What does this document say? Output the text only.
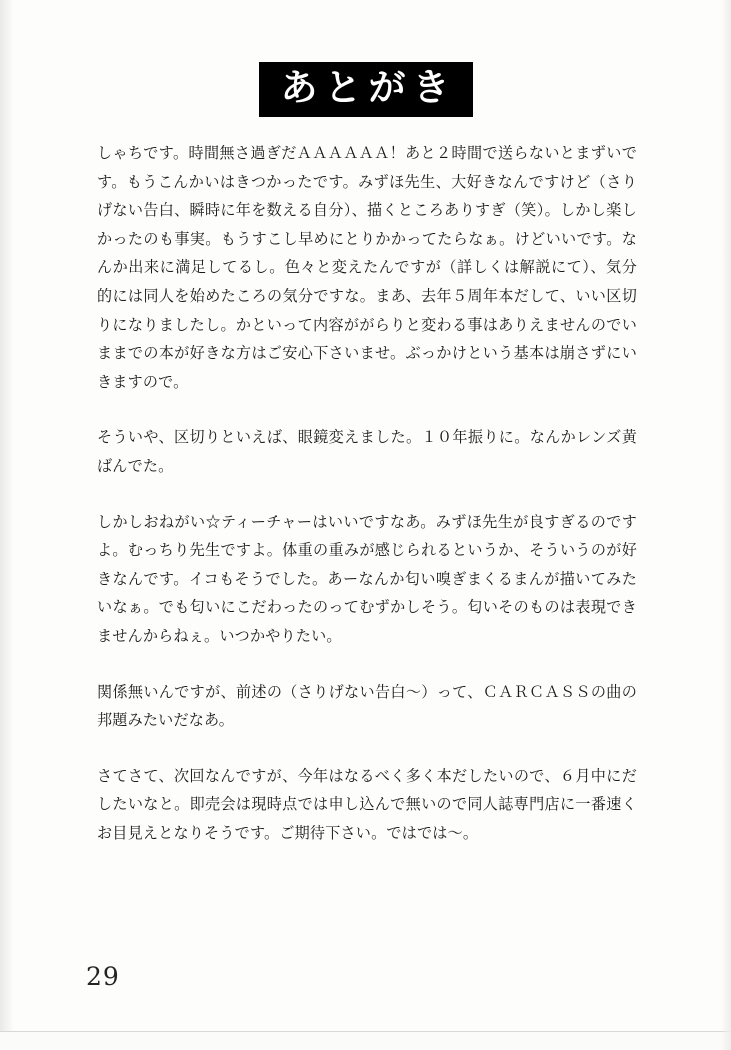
あとがき

しゃちです。時間無さ過ぎだＡＡＡＡＡＡ！あと２時間で送らないとまずいです。もうこんかいはきつかったです。みずほ先生、大好きなんですけど（さりげない告白、瞬時に年を数える自分）、描くところありすぎ（笑）。しかし楽しかったのも事実。もうすこし早めにとりかかってたらなぁ。けどいいです。なんか出来に満足してるし。色々と変えたんですが（詳しくは解説にて）、気分的には同人を始めたころの気分ですな。まあ、去年５周年本だして、いい区切りになりましたし。かといって内容ががらりと変わる事はありえませんのでいままでの本が好きな方はご安心下さいませ。ぶっかけという基本は崩さずにいきますので。

そういや、区切りといえば、眼鏡変えました。１０年振りに。なんかレンズ黄ばんでた。

しかしおねがい☆ティーチャーはいいですなあ。みずほ先生が良すぎるのですよ。むっちり先生ですよ。体重の重みが感じられるというか、そういうのが好きなんです。イコもそうでした。あーなんか匂い嗅ぎまくるまんが描いてみたいなぁ。でも匂いにこだわったのってむずかしそう。匂いそのものは表現できませんからねぇ。いつかやりたい。

関係無いんですが、前述の（さりげない告白〜）って、ＣＡＲＣＡＳＳの曲の邦題みたいだなあ。

さてさて、次回なんですが、今年はなるべく多く本だしたいので、６月中にだしたいなと。即売会は現時点では申し込んで無いので同人誌専門店に一番速くお目見えとなりそうです。ご期待下さい。ではでは〜。

29
